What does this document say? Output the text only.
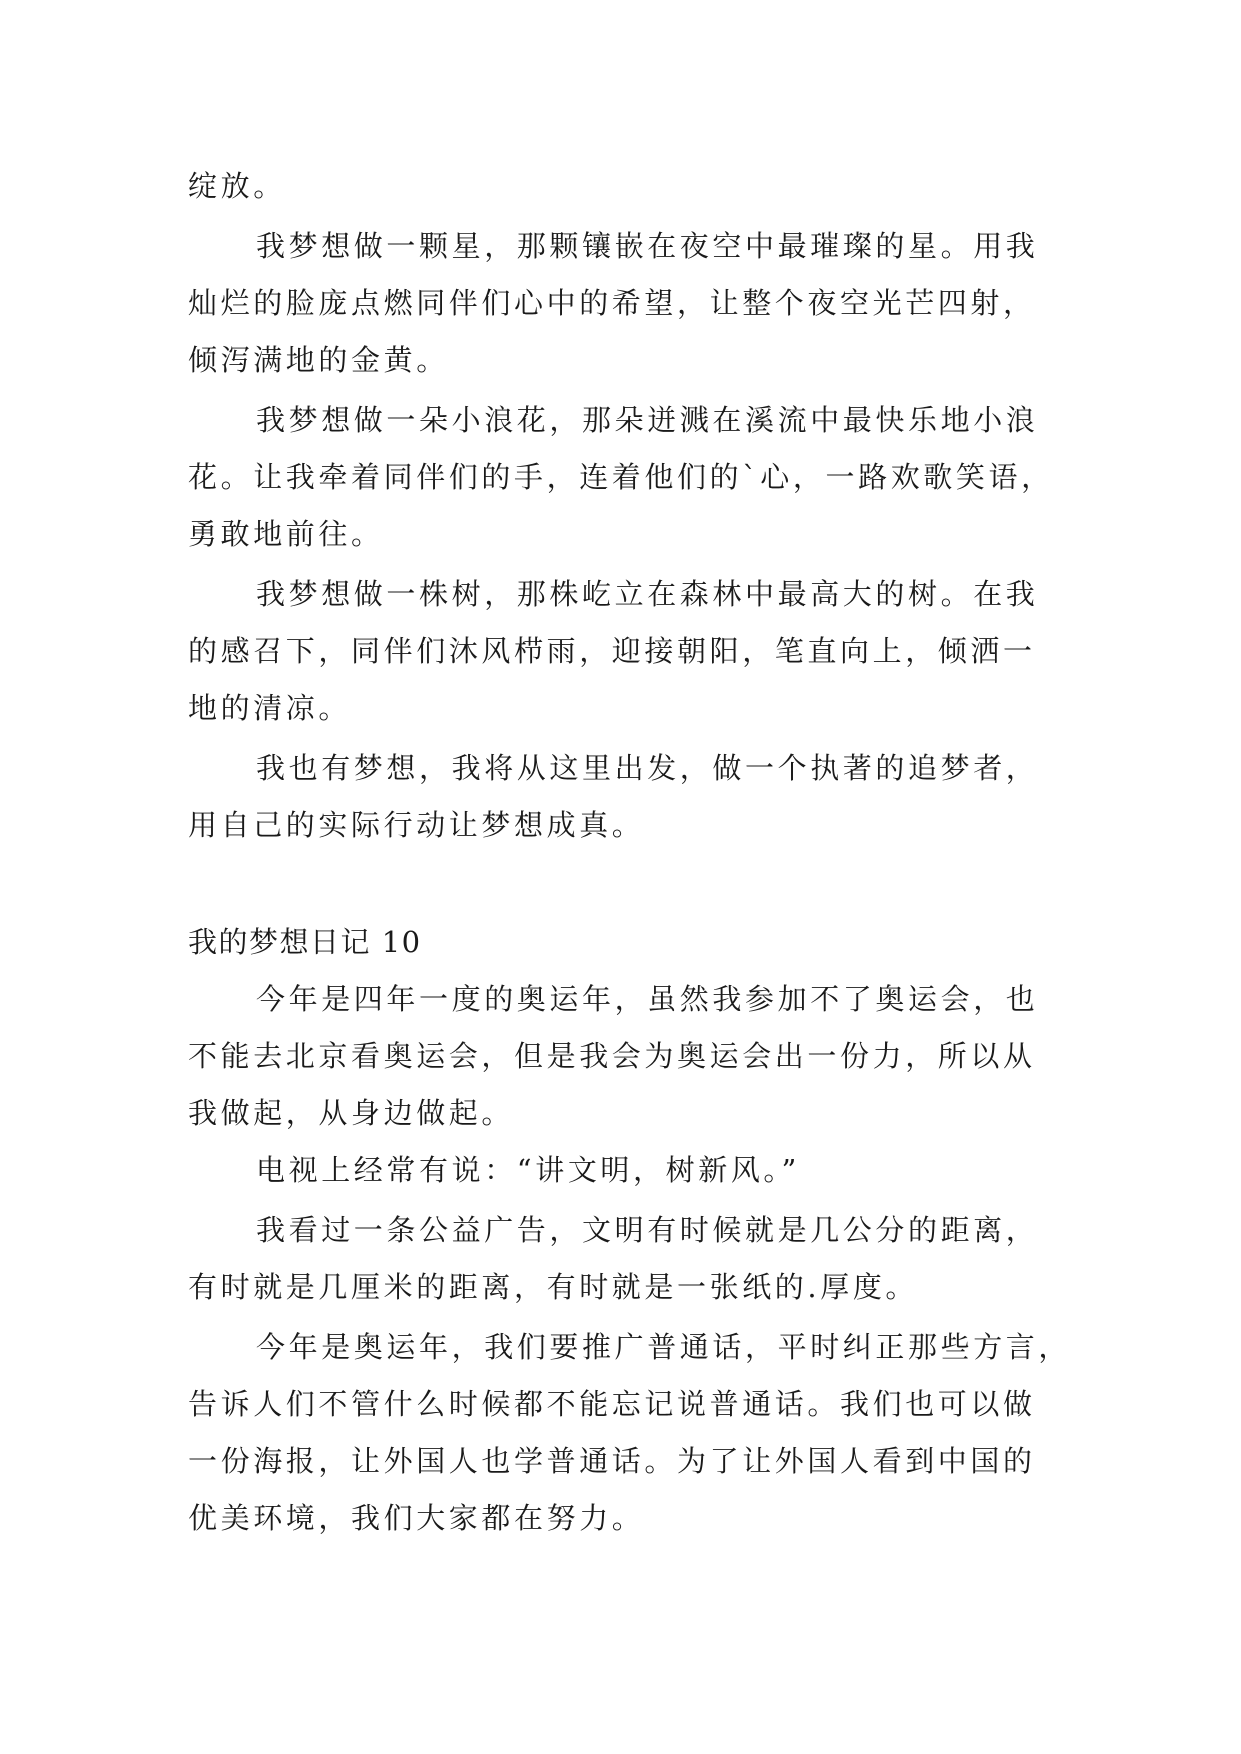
绽放。
我梦想做一颗星，那颗镶嵌在夜空中最璀璨的星。用我
灿烂的脸庞点燃同伴们心中的希望，让整个夜空光芒四射，
倾泻满地的金黄。
我梦想做一朵小浪花，那朵迸溅在溪流中最快乐地小浪
花。让我牵着同伴们的手，连着他们的`心，一路欢歌笑语，
勇敢地前往。
我梦想做一株树，那株屹立在森林中最高大的树。在我
的感召下，同伴们沐风栉雨，迎接朝阳，笔直向上，倾洒一
地的清凉。
我也有梦想，我将从这里出发，做一个执著的追梦者，
用自己的实际行动让梦想成真。
我的梦想日记 10
今年是四年一度的奥运年，虽然我参加不了奥运会，也
不能去北京看奥运会，但是我会为奥运会出一份力，所以从
我做起，从身边做起。
电视上经常有说：“讲文明，树新风。”
我看过一条公益广告，文明有时候就是几公分的距离，
有时就是几厘米的距离，有时就是一张纸的.厚度。
今年是奥运年，我们要推广普通话，平时纠正那些方言，
告诉人们不管什么时候都不能忘记说普通话。我们也可以做
一份海报，让外国人也学普通话。为了让外国人看到中国的
优美环境，我们大家都在努力。
